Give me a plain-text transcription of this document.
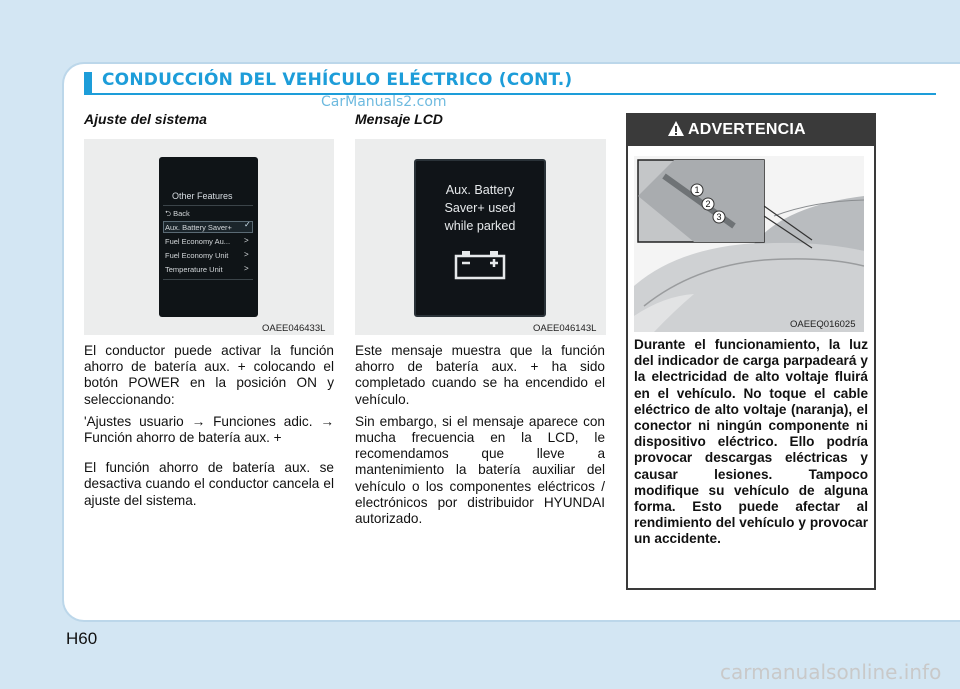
CONDUCCIÓN DEL VEHÍCULO ELÉCTRICO (CONT.)
CarManuals2.com
Ajuste del sistema
Other Features
⮌ Back
Aux. Battery Saver+ ✓
Fuel Economy Au... >
Fuel Economy Unit >
Temperature Unit	>
OAEE046433L

El conductor puede activar la función ahorro de batería aux. + colocando el botón POWER en la posición ON y seleccionando:

'Ajustes usuario → Funciones adic. → Función ahorro de batería aux. +

El función ahorro de batería aux. se desactiva cuando el conductor cancela el ajuste del sistema.

Mensaje LCD
Aux. Battery
Saver+ used
while parked
OAEE046143L

Este mensaje muestra que la función ahorro de batería aux. + ha sido completado cuando se ha encendido el vehículo.

Sin embargo, si el mensaje aparece con mucha frecuencia en la LCD, le recomendamos que lleve a mantenimiento la batería auxiliar del vehículo o los componentes eléctricos / electrónicos por distribuidor HYUNDAI autorizado.

ADVERTENCIA
1
2
3
OAEEQ016025
Durante el funcionamiento, la luz del indicador de carga parpadeará y la electricidad de alto voltaje fluirá en el vehículo. No toque el cable eléctrico de alto voltaje (naranja), el conector ni ningún componente ni dispositivo eléctrico. Ello podría provocar descargas eléctricas y causar lesiones. Tampoco modifique su vehículo de alguna forma. Esto puede afectar al rendimiento del vehículo y provocar un accidente.
H60
carmanualsonline.info
